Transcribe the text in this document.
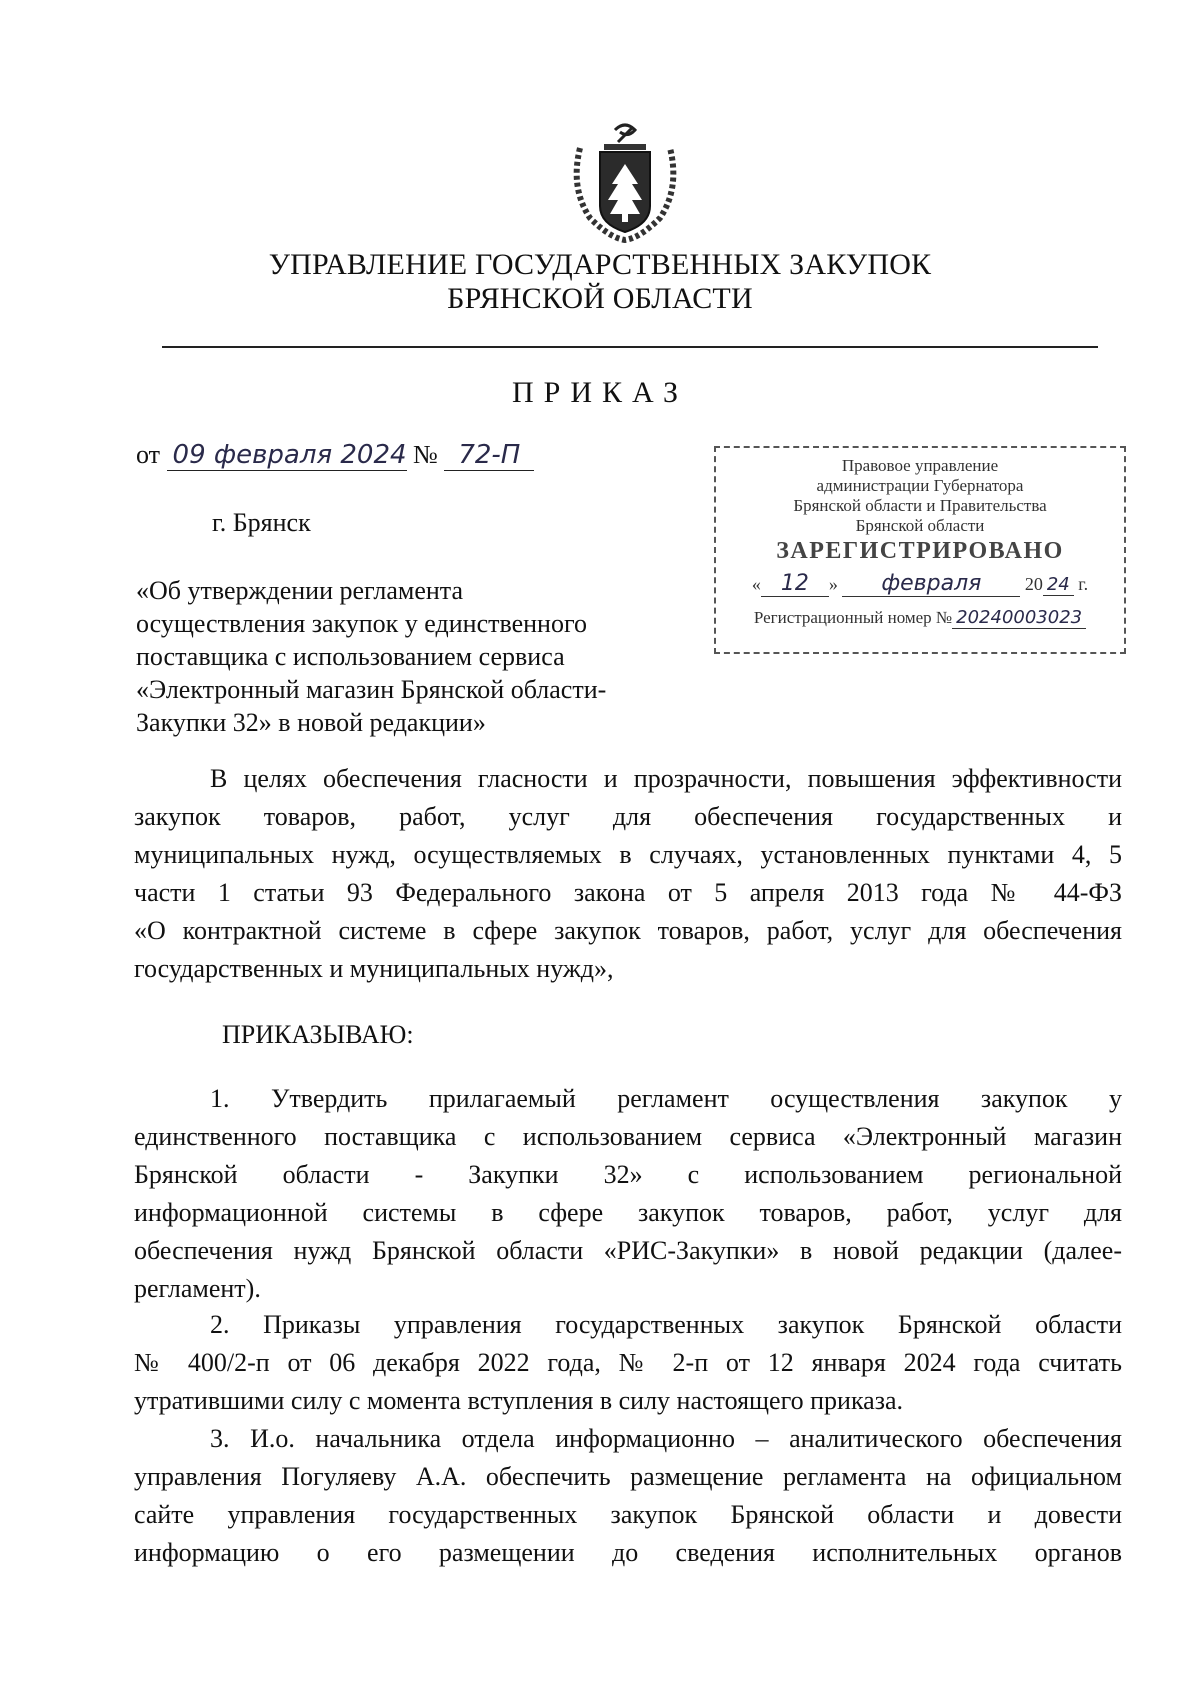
УПРАВЛЕНИЕ ГОСУДАРСТВЕННЫХ ЗАКУПОК
БРЯНСКОЙ ОБЛАСТИ
ПРИКАЗ
от 09 февраля 2024 № 72-П
г. Брянск
«Об утверждении регламента
осуществления закупок у единственного
поставщика с использованием сервиса
«Электронный магазин Брянской области-
Закупки 32» в новой редакции»
Правовое управление
администрации Губернатора
Брянской области и Правительства
Брянской области
ЗАРЕГИСТРИРОВАНО
« 12 » февраля 20 24 г.
Регистрационный номер № 20240003023
В целях обеспечения гласности и прозрачности, повышения эффективности
закупок товаров, работ, услуг для обеспечения государственных и
муниципальных нужд, осуществляемых в случаях, установленных пунктами 4, 5
части 1 статьи 93 Федерального закона от 5 апреля 2013 года № 44-ФЗ
«О контрактной системе в сфере закупок товаров, работ, услуг для обеспечения
государственных и муниципальных нужд»,
ПРИКАЗЫВАЮ:
1. Утвердить прилагаемый регламент осуществления закупок у
единственного поставщика с использованием сервиса «Электронный магазин
Брянской области - Закупки 32» с использованием региональной
информационной системы в сфере закупок товаров, работ, услуг для
обеспечения нужд Брянской области «РИС-Закупки» в новой редакции (далее-
регламент).
2. Приказы управления государственных закупок Брянской области
№ 400/2-п от 06 декабря 2022 года, № 2-п от 12 января 2024 года считать
утратившими силу с момента вступления в силу настоящего приказа.
3. И.о. начальника отдела информационно – аналитического обеспечения
управления Погуляеву А.А. обеспечить размещение регламента на официальном
сайте управления государственных закупок Брянской области и довести
информацию о его размещении до сведения исполнительных органов
